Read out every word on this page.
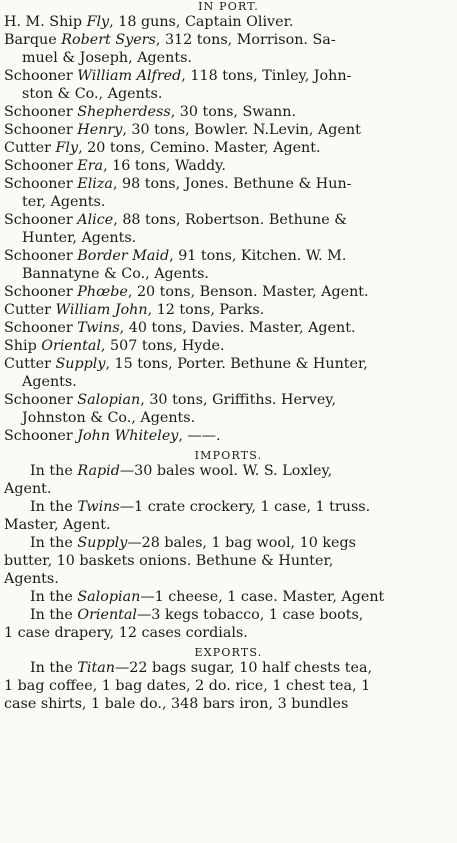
IN PORT.
H. M. Ship Fly, 18 guns, Captain Oliver.
Barque Robert Syers, 312 tons, Morrison. Sa-
muel & Joseph, Agents.
Schooner William Alfred, 118 tons, Tinley, John-
ston & Co., Agents.
Schooner Shepherdess, 30 tons, Swann.
Schooner Henry, 30 tons, Bowler. N.Levin, Agent
Cutter Fly, 20 tons, Cemino. Master, Agent.
Schooner Era, 16 tons, Waddy.
Schooner Eliza, 98 tons, Jones. Bethune & Hun-
ter, Agents.
Schooner Alice, 88 tons, Robertson. Bethune &
Hunter, Agents.
Schooner Border Maid, 91 tons, Kitchen. W. M.
Bannatyne & Co., Agents.
Schooner Phœbe, 20 tons, Benson. Master, Agent.
Cutter William John, 12 tons, Parks.
Schooner Twins, 40 tons, Davies. Master, Agent.
Ship Oriental, 507 tons, Hyde.
Cutter Supply, 15 tons, Porter. Bethune & Hunter,
Agents.
Schooner Salopian, 30 tons, Griffiths. Hervey,
Johnston & Co., Agents.
Schooner John Whiteley, ——.
IMPORTS.
In the Rapid—30 bales wool. W. S. Loxley,
Agent.
In the Twins—1 crate crockery, 1 case, 1 truss.
Master, Agent.
In the Supply—28 bales, 1 bag wool, 10 kegs
butter, 10 baskets onions. Bethune & Hunter,
Agents.
In the Salopian—1 cheese, 1 case. Master, Agent
In the Oriental—3 kegs tobacco, 1 case boots,
1 case drapery, 12 cases cordials.
EXPORTS.
In the Titan—22 bags sugar, 10 half chests tea,
1 bag coffee, 1 bag dates, 2 do. rice, 1 chest tea, 1
case shirts, 1 bale do., 348 bars iron, 3 bundles
